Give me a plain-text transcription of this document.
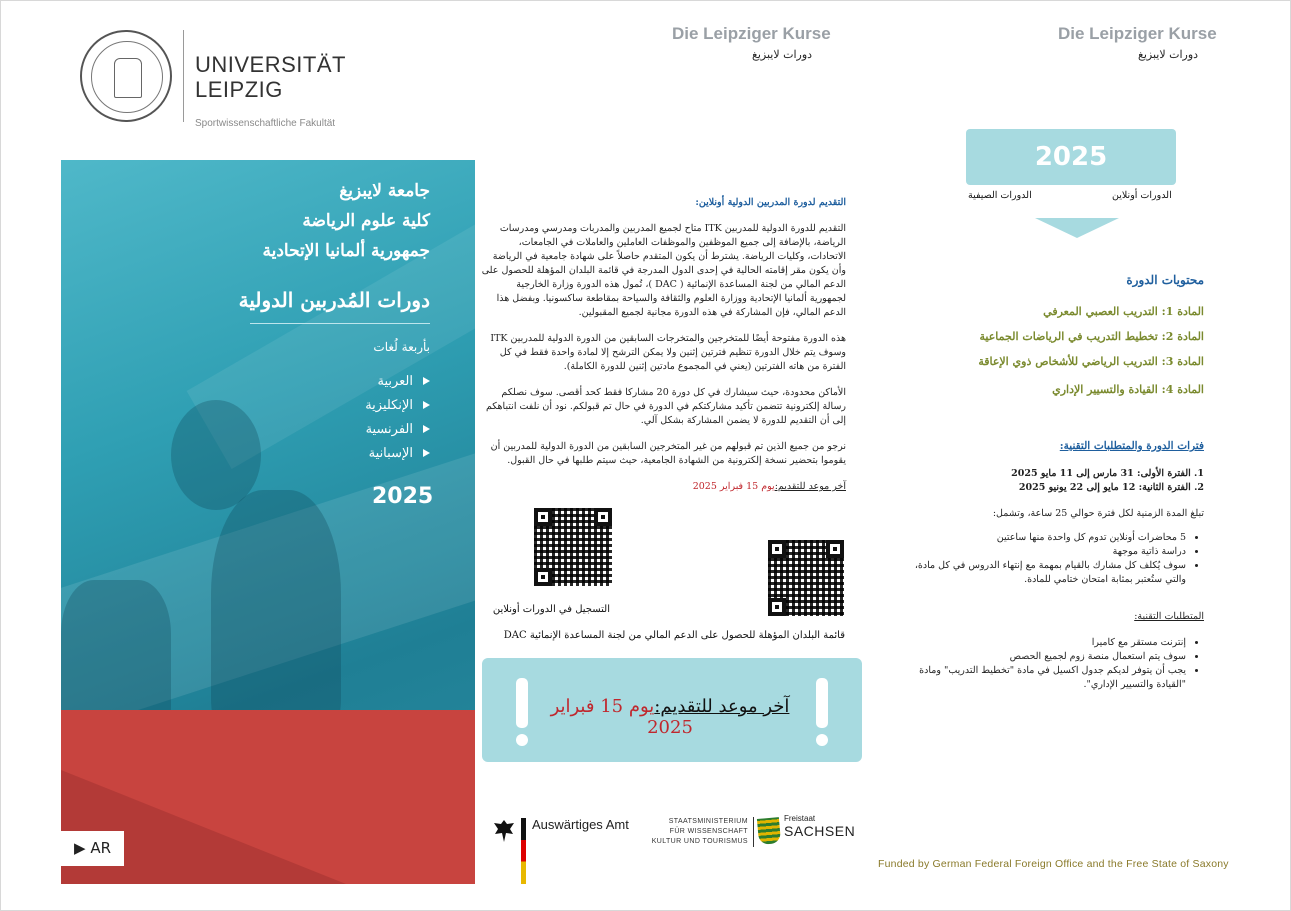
UNIVERSITÄT
LEIPZIG
Sportwissenschaftliche Fakultät
جامعة لايبزيغ
كلية علوم الرياضة
جمهورية ألمانيا الإتحادية
دورات المُدربين الدولية
بأربعة لُغات
العربية
الإنكليزية
الفرنسية
الإسبانية
2025
▶ AR
Die Leipziger Kurse
دورات لايبزيغ

التقديم لدورة المدربين الدولية أونلاين:

التقديم للدورة الدولية للمدربين ITK متاح لجميع المدربين والمدربات ومدرسي ومدرسات الرياضة، بالإضافة إلى جميع الموظفين والموظفات العاملين والعاملات في الجامعات، الاتحادات، وكليات الرياضة. يشترط أن يكون المتقدم حاصلاً على شهادة جامعية في الرياضة وأن يكون مقر إقامته الحالية في إحدى الدول المدرجة في قائمة البلدان المؤهلة للحصول على الدعم المالي من لجنة المساعدة الإنمائية ( DAC )، تُمول هذه الدورة وزارة الخارجية لجمهورية ألمانيا الإتحادية ووزارة العلوم والثقافة والسياحة بمقاطعة ساكسونيا. وبفضل هذا الدعم المالي، فإن المشاركة في هذه الدورة مجانية لجميع المقبولين.

هذه الدورة مفتوحة أيضًا للمتخرجين والمتخرجات السابقين من الدورة الدولية للمدربين ITK وسوف يتم خلال الدورة تنظيم فترتين إثنين ولا يمكن الترشح إلا لمادة واحدة فقط في كل الفترة من هاته الفترتين (يعني في المجموع مادتين إثنين للدورة الكاملة).

الأماكن محدودة، حيث سيشارك في كل دورة 20 مشاركا فقط كحد أقصى. سوف نصلكم رسالة إلكترونية تتضمن تأكيد مشاركتكم في الدورة في حال تم قبولكم. نود أن نلفت انتباهكم إلى أن التقديم للدورة لا يضمن المشاركة بشكل آلي.

نرجو من جميع الذين تم قبولهم من غير المتخرجين السابقين من الدورة الدولية للمدربين أن يقوموا بتحضير نسخة إلكترونية من الشهادة الجامعية، حيث سيتم طلبها في حال القبول.

آخر موعد للتقديم:يوم 15 فبراير 2025

التسجيل في الدورات أونلاين
قائمة البلدان المؤهلة للحصول على الدعم المالي من لجنة المساعدة الإنمائية DAC
آخر موعد للتقديم:يوم 15 فبراير 2025
Auswärtiges Amt	STAATSMINISTERIUM
FÜR WISSENSCHAFT
KULTUR UND TOURISMUS
Freistaat
SACHSEN
Die Leipziger Kurse
دورات لايبزيغ
2025
الدورات الصيفية	الدورات أونلاين
محتويات الدورة
المادة 1: التدريب العصبي المعرفي
المادة 2: تخطيط التدريب في الرياضات الجماعية
المادة 3: التدريب الرياضي للأشخاص ذوي الإعاقة
المادة 4: القيادة والتسيير الإداري
فترات الدورة والمتطلبات التقنية:
1. الفترة الأولى: 31 مارس إلى 11 مايو 2025
2. الفترة الثانية: 12 مايو إلى 22 يونيو 2025
تبلغ المدة الزمنية لكل فترة حوالي 25 ساعة، وتشمل:
• 5 محاضرات أونلاين تدوم كل واحدة منها ساعتين
• دراسة ذاتية موجهة
• سوف يُكلف كل مشارك بالقيام بمهمة مع إنتهاء الدروس في كل مادة، والتي ستُعتبر بمثابة امتحان ختامي للمادة.
المتطلبات التقنية:
• إنترنت مستقر مع كاميرا
• سوف يتم استعمال منصة زوم لجميع الحصص
• يجب أن يتوفر لديكم جدول اكسيل في مادة "تخطيط التدريب" ومادة "القيادة والتسيير الإداري".
Funded by German Federal Foreign Office and the Free State of Saxony
